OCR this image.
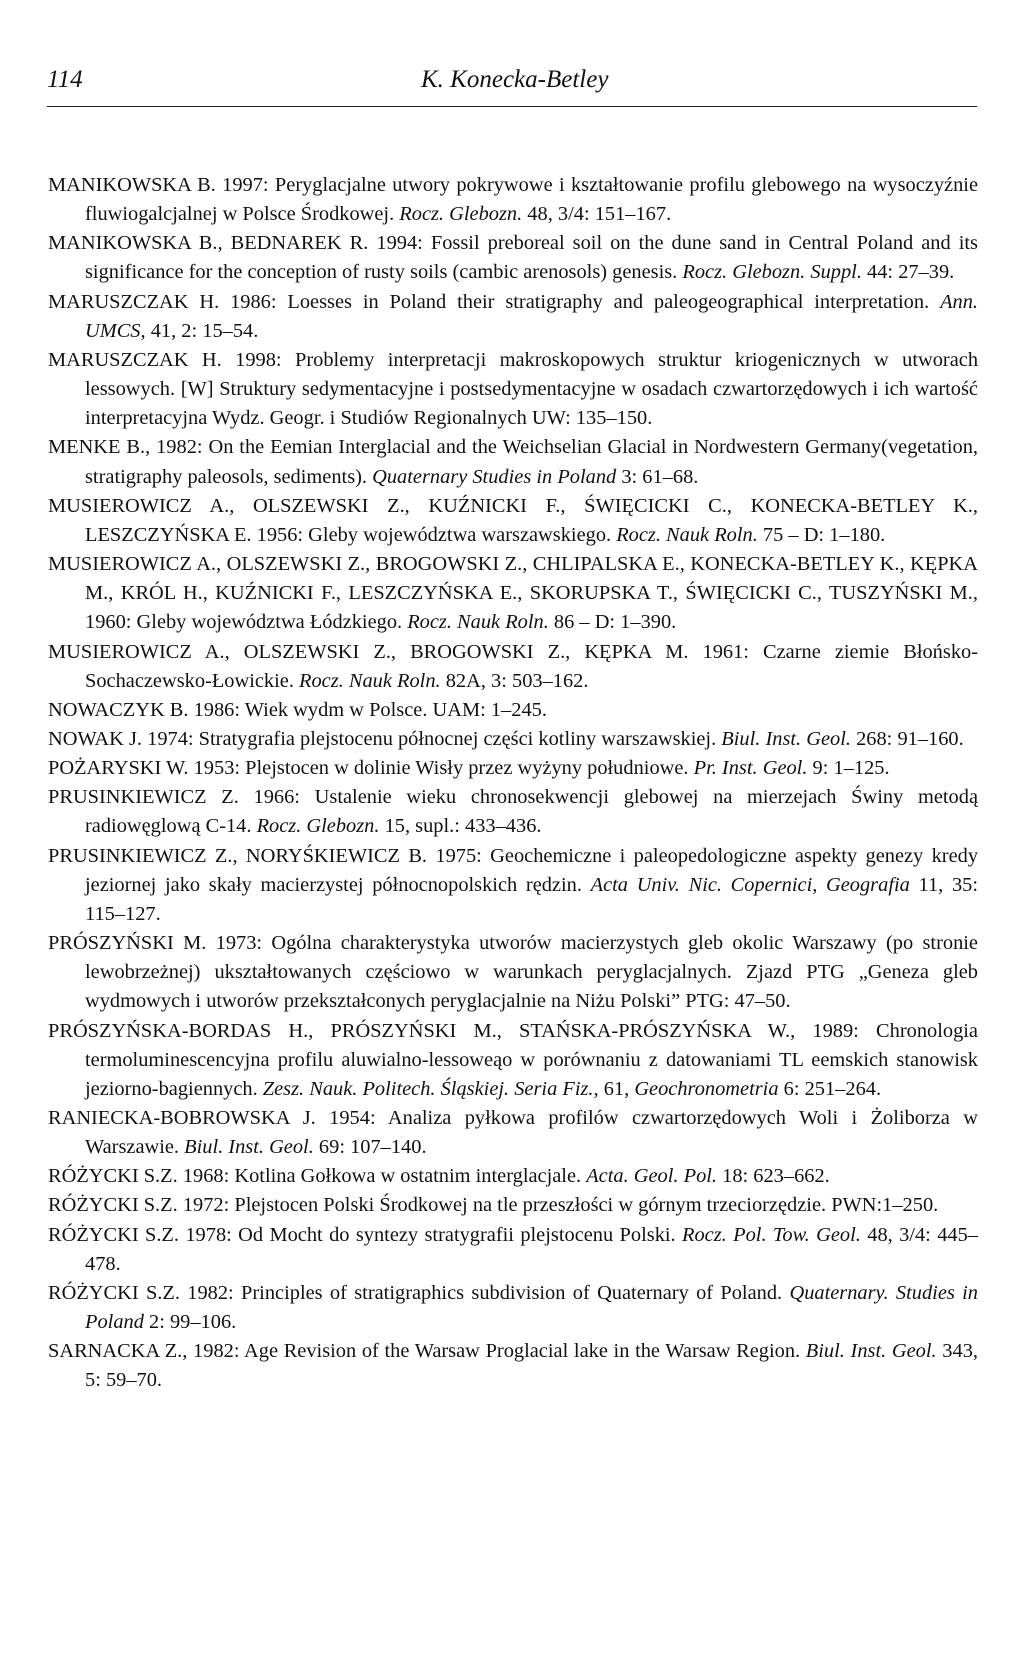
114	K. Konecka-Betley

MANIKOWSKA B. 1997: Peryglacjalne utwory pokrywowe i kształtowanie profilu glebowego na wysoczyźnie fluwiogalcjalnej w Polsce Środkowej. Rocz. Glebozn. 48, 3/4: 151–167.

MANIKOWSKA B., BEDNAREK R. 1994: Fossil preboreal soil on the dune sand in Central Poland and its significance for the conception of rusty soils (cambic arenosols) genesis. Rocz. Glebozn. Suppl. 44: 27–39.

MARUSZCZAK H. 1986: Loesses in Poland their stratigraphy and paleogeographical interpretation. Ann. UMCS, 41, 2: 15–54.

MARUSZCZAK H. 1998: Problemy interpretacji makroskopowych struktur kriogenicznych w utworach lessowych. [W] Struktury sedymentacyjne i postsedymentacyjne w osadach czwartorzędowych i ich wartość interpretacyjna Wydz. Geogr. i Studiów Regionalnych UW: 135–150.

MENKE B., 1982: On the Eemian Interglacial and the Weichselian Glacial in Nordwestern Germany(vegetation, stratigraphy paleosols, sediments). Quaternary Studies in Poland 3: 61–68.

MUSIEROWICZ A., OLSZEWSKI Z., KUŹNICKI F., ŚWIĘCICKI C., KONECKA-BETLEY K., LESZCZYŃSKA E. 1956: Gleby województwa warszawskiego. Rocz. Nauk Roln. 75 – D: 1–180.

MUSIEROWICZ A., OLSZEWSKI Z., BROGOWSKI Z., CHLIPALSKA E., KONECKA-BETLEY K., KĘPKA M., KRÓL H., KUŹNICKI F., LESZCZYŃSKA E., SKORUPSKA T., ŚWIĘCICKI C., TUSZYŃSKI M., 1960: Gleby województwa Łódzkiego. Rocz. Nauk Roln. 86 – D: 1–390.

MUSIEROWICZ A., OLSZEWSKI Z., BROGOWSKI Z., KĘPKA M. 1961: Czarne ziemie Błońsko-Sochaczewsko-Łowickie. Rocz. Nauk Roln. 82A, 3: 503–162.

NOWACZYK B. 1986: Wiek wydm w Polsce. UAM: 1–245.

NOWAK J. 1974: Stratygrafia plejstocenu północnej części kotliny warszawskiej. Biul. Inst. Geol. 268: 91–160.

POŻARYSKI W. 1953: Plejstocen w dolinie Wisły przez wyżyny południowe. Pr. Inst. Geol. 9: 1–125.

PRUSINKIEWICZ Z. 1966: Ustalenie wieku chronosekwencji glebowej na mierzejach Świny metodą radiowęglową C-14. Rocz. Glebozn. 15, supl.: 433–436.

PRUSINKIEWICZ Z., NORYŚKIEWICZ B. 1975: Geochemiczne i paleopedologiczne aspekty genezy kredy jeziornej jako skały macierzystej północnopolskich rędzin. Acta Univ. Nic. Copernici, Geografia 11, 35: 115–127.

PRÓSZYŃSKI M. 1973: Ogólna charakterystyka utworów macierzystych gleb okolic Warszawy (po stronie lewobrzeżnej) ukształtowanych częściowo w warunkach peryglacjalnych. Zjazd PTG „Geneza gleb wydmowych i utworów przekształconych peryglacjalnie na Niżu Polski” PTG: 47–50.

PRÓSZYŃSKA-BORDAS H., PRÓSZYŃSKI M., STAŃSKA-PRÓSZYŃSKA W., 1989: Chronologia termoluminescencyjna profilu aluwialno-lessoweąo w porównaniu z datowaniami TL eemskich stanowisk jeziorno-bagiennych. Zesz. Nauk. Politech. Śląskiej. Seria Fiz., 61, Geochronometria 6: 251–264.

RANIECKA-BOBROWSKA J. 1954: Analiza pyłkowa profilów czwartorzędowych Woli i Żoliborza w Warszawie. Biul. Inst. Geol. 69: 107–140.

RÓŻYCKI S.Z. 1968: Kotlina Gołkowa w ostatnim interglacjale. Acta. Geol. Pol. 18: 623–662.

RÓŻYCKI S.Z. 1972: Plejstocen Polski Środkowej na tle przeszłości w górnym trzeciorzędzie. PWN:1–250.

RÓŻYCKI S.Z. 1978: Od Mocht do syntezy stratygrafii plejstocenu Polski. Rocz. Pol. Tow. Geol. 48, 3/4: 445–478.

RÓŻYCKI S.Z. 1982: Principles of stratigraphics subdivision of Quaternary of Poland. Quaternary. Studies in Poland 2: 99–106.

SARNACKA Z., 1982: Age Revision of the Warsaw Proglacial lake in the Warsaw Region. Biul. Inst. Geol. 343, 5: 59–70.
